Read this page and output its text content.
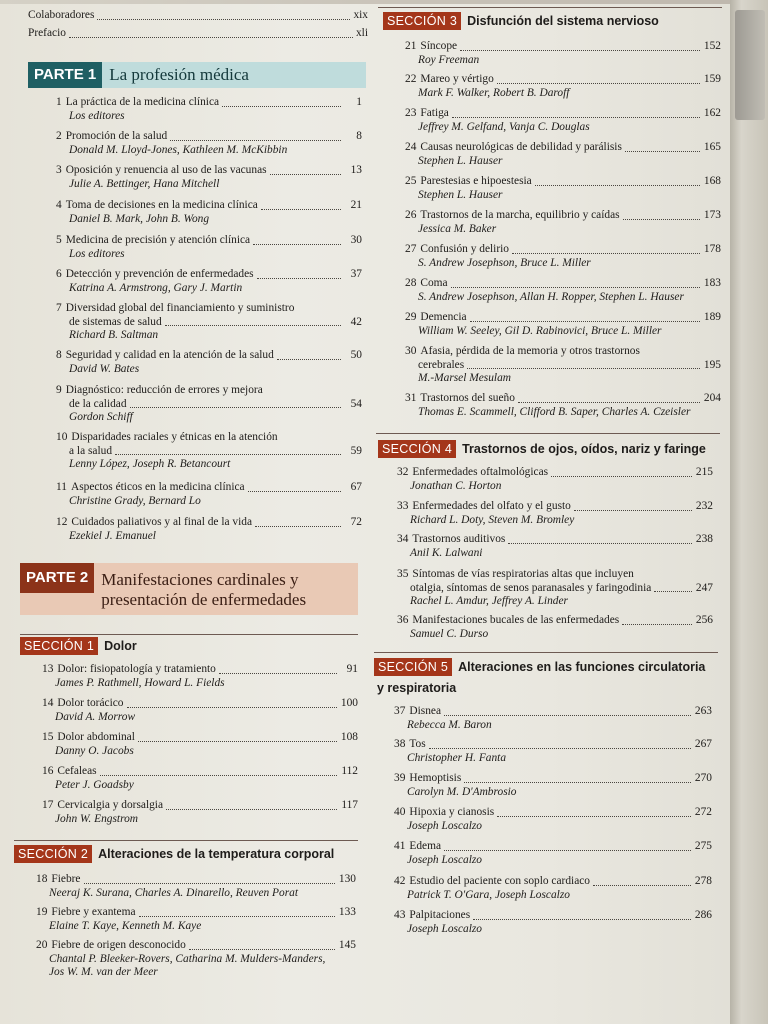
Colaboradores	xix
Prefacio	xli
PARTE 1 La profesión médica
PARTE 2 Manifestaciones cardinales y
presentación de enfermedades
SECCIÓN 1 Dolor
SECCIÓN 2 Alteraciones de la temperatura corporal
SECCIÓN 3 Disfunción del sistema nervioso
SECCIÓN 4 Trastornos de ojos, oídos, nariz y faringe
SECCIÓN 5 Alteraciones en las funciones circulatoria
y respiratoria
1 La práctica de la medicina clínica	1
Los editores
2 Promoción de la salud	8
Donald M. Lloyd-Jones, Kathleen M. McKibbin
3 Oposición y renuencia al uso de las vacunas	13
Julie A. Bettinger, Hana Mitchell
4 Toma de decisiones en la medicina clínica	21
Daniel B. Mark, John B. Wong
5 Medicina de precisión y atención clínica	30
Los editores
6 Detección y prevención de enfermedades	37
Katrina A. Armstrong, Gary J. Martin
7 Diversidad global del financiamiento y suministro
de sistemas de salud	42
Richard B. Saltman
8 Seguridad y calidad en la atención de la salud	50
David W. Bates
9 Diagnóstico: reducción de errores y mejora
de la calidad	54
Gordon Schiff
10 Disparidades raciales y étnicas en la atención
a la salud	59
Lenny López, Joseph R. Betancourt
11 Aspectos éticos en la medicina clínica	67
Christine Grady, Bernard Lo
12 Cuidados paliativos y al final de la vida	72
Ezekiel J. Emanuel
13 Dolor: fisiopatología y tratamiento	91
James P. Rathmell, Howard L. Fields
14 Dolor torácico	100
David A. Morrow
15 Dolor abdominal	108
Danny O. Jacobs
16 Cefaleas	112
Peter J. Goadsby
17 Cervicalgia y dorsalgia	117
John W. Engstrom
18 Fiebre	130
Neeraj K. Surana, Charles A. Dinarello, Reuven Porat
19 Fiebre y exantema	133
Elaine T. Kaye, Kenneth M. Kaye
20 Fiebre de origen desconocido	145
Chantal P. Bleeker-Rovers, Catharina M. Mulders-Manders,
Jos W. M. van der Meer
21 Síncope	152
Roy Freeman
22 Mareo y vértigo	159
Mark F. Walker, Robert B. Daroff
23 Fatiga	162
Jeffrey M. Gelfand, Vanja C. Douglas
24 Causas neurológicas de debilidad y parálisis	165
Stephen L. Hauser
25 Parestesias e hipoestesia	168
Stephen L. Hauser
26 Trastornos de la marcha, equilibrio y caídas	173
Jessica M. Baker
27 Confusión y delirio	178
S. Andrew Josephson, Bruce L. Miller
28 Coma	183
S. Andrew Josephson, Allan H. Ropper, Stephen L. Hauser
29 Demencia	189
William W. Seeley, Gil D. Rabinovici, Bruce L. Miller
30 Afasia, pérdida de la memoria y otros trastornos
cerebrales	195
M.-Marsel Mesulam
31 Trastornos del sueño	204
Thomas E. Scammell, Clifford B. Saper, Charles A. Czeisler
32 Enfermedades oftalmológicas	215
Jonathan C. Horton
33 Enfermedades del olfato y el gusto	232
Richard L. Doty, Steven M. Bromley
34 Trastornos auditivos	238
Anil K. Lalwani
35 Síntomas de vías respiratorias altas que incluyen
otalgia, síntomas de senos paranasales y faringodinia	247
Rachel L. Amdur, Jeffrey A. Linder
36 Manifestaciones bucales de las enfermedades	256
Samuel C. Durso
37 Disnea	263
Rebecca M. Baron
38 Tos	267
Christopher H. Fanta
39 Hemoptisis	270
Carolyn M. D'Ambrosio
40 Hipoxia y cianosis	272
Joseph Loscalzo
41 Edema	275
Joseph Loscalzo
42 Estudio del paciente con soplo cardiaco	278
Patrick T. O'Gara, Joseph Loscalzo
43 Palpitaciones	286
Joseph Loscalzo
